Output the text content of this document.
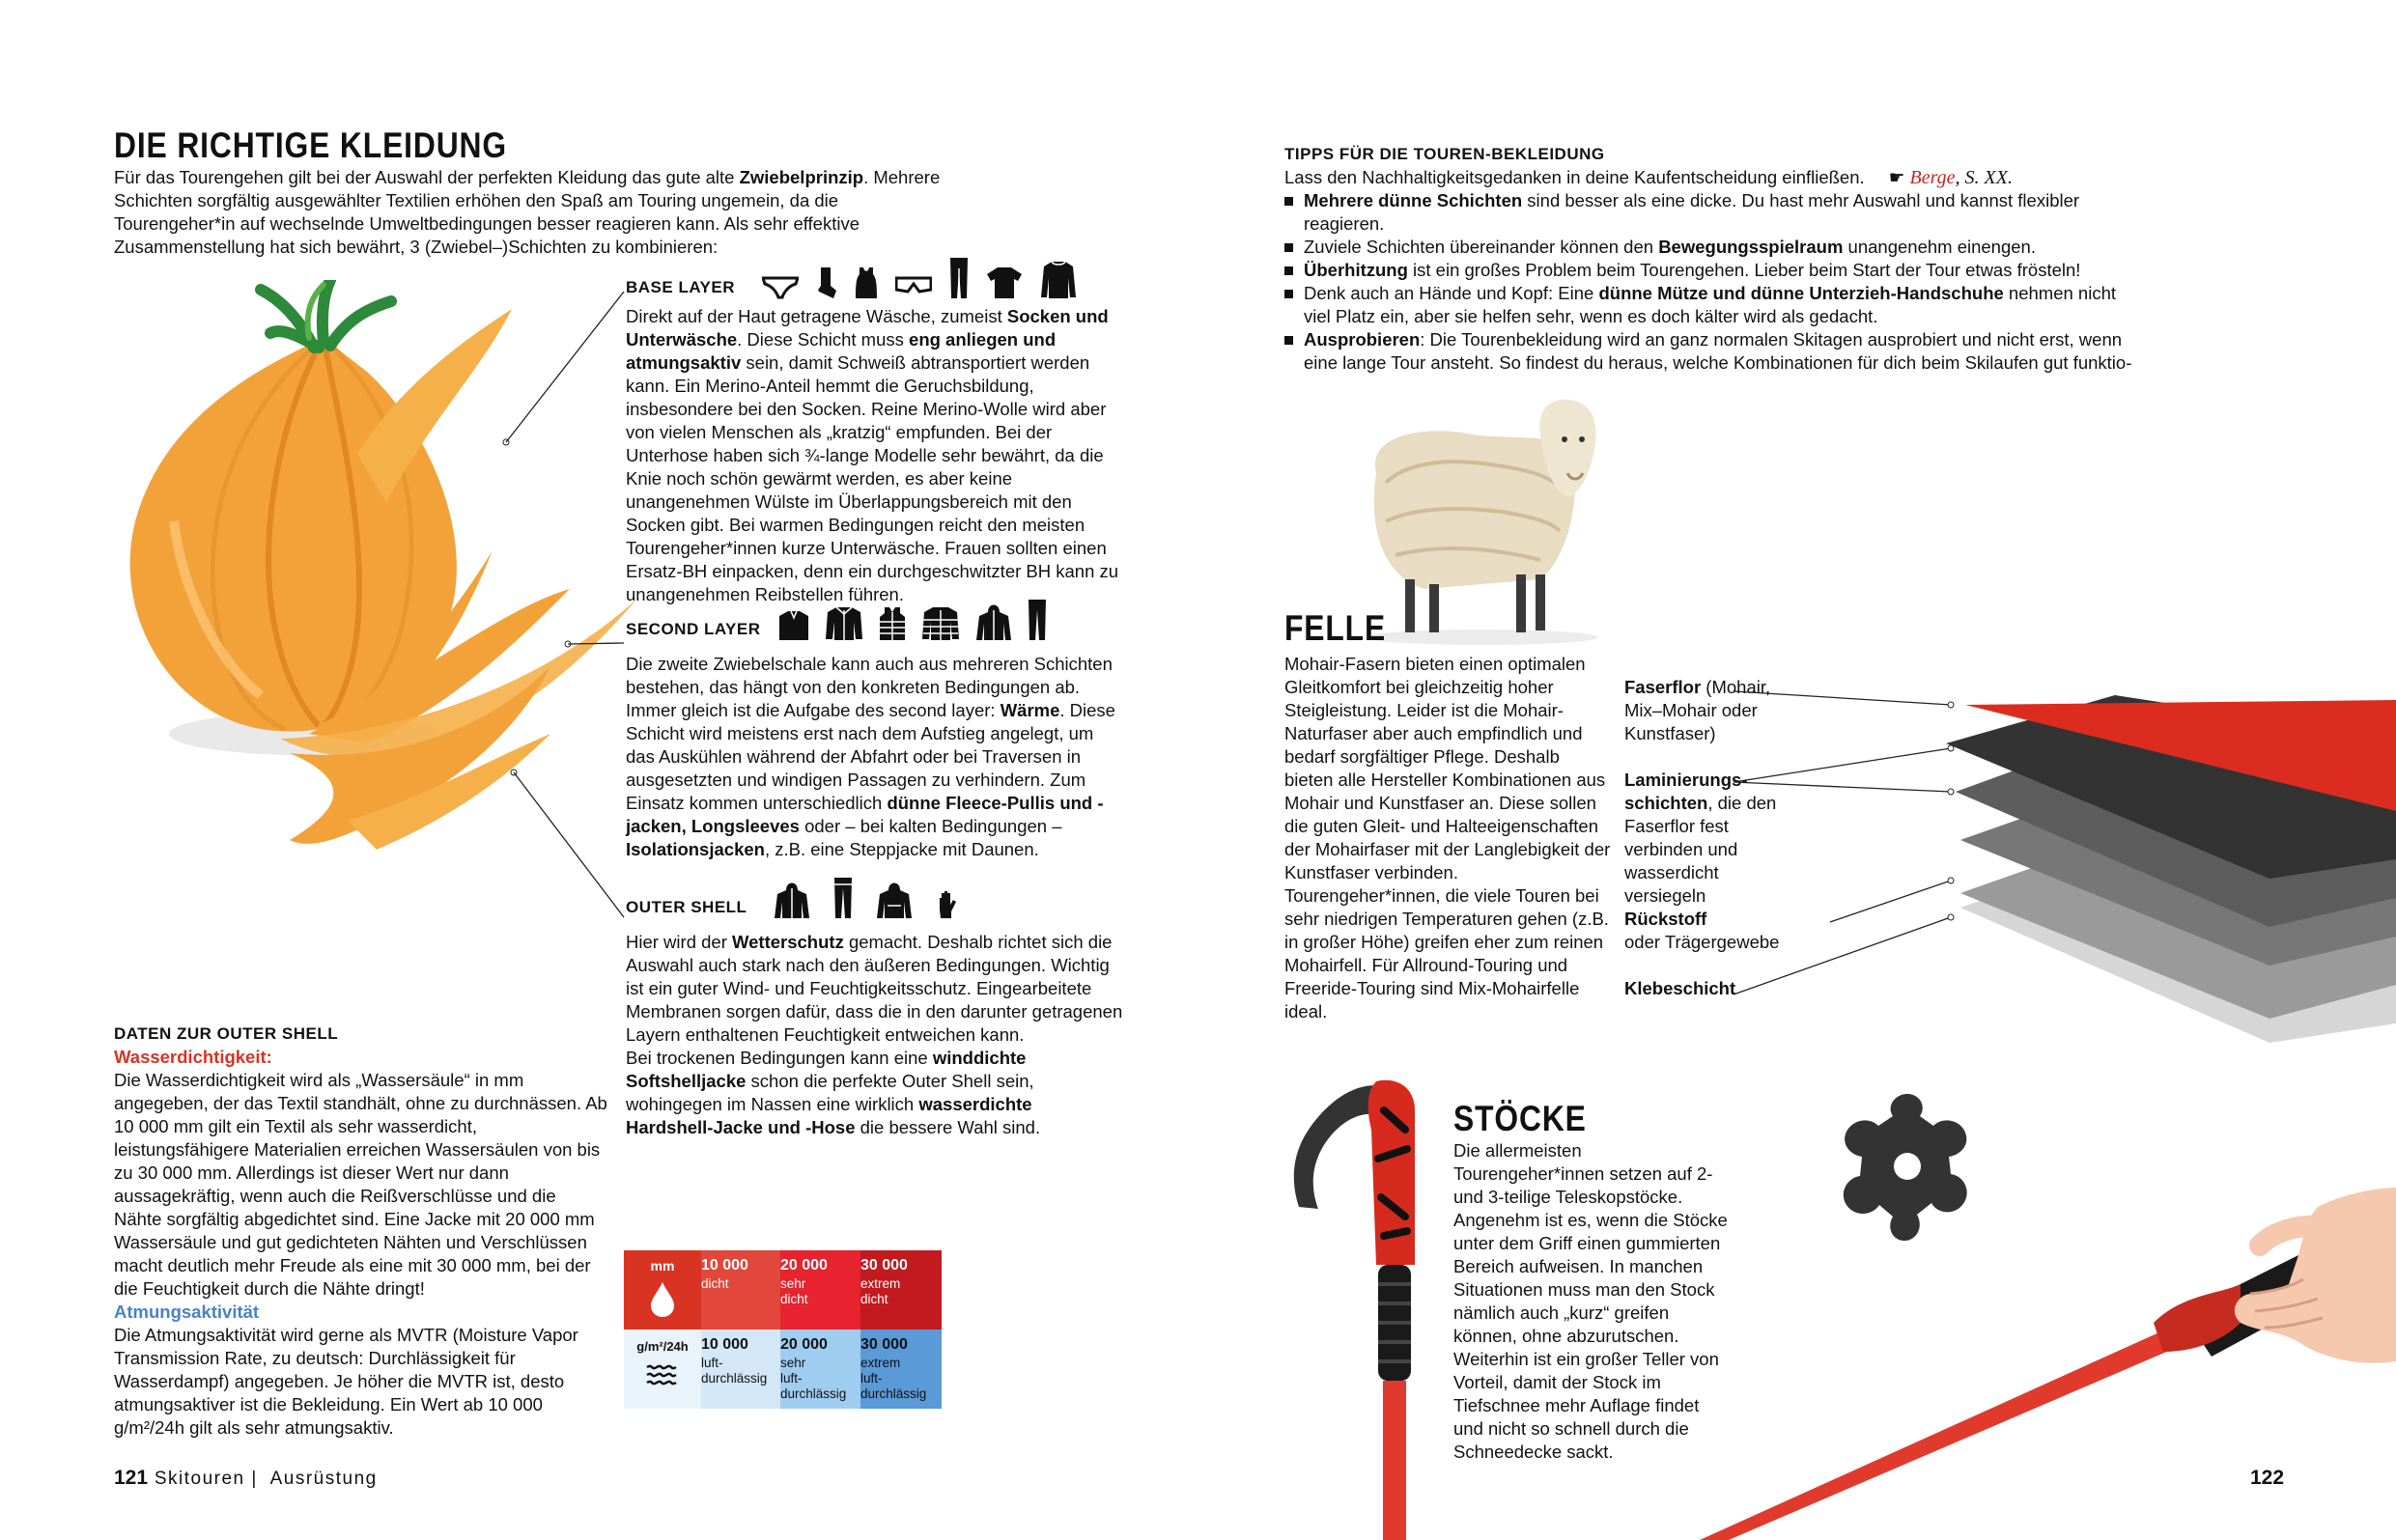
DIE RICHTIGE KLEIDUNG
Für das Tourengehen gilt bei der Auswahl der perfekten Kleidung das gute alte Zwiebelprinzip. Mehrere Schichten sorgfältig ausgewählter Textilien erhöhen den Spaß am Touring ungemein, da die Tourengeher*in auf wechselnde Umweltbedingungen besser reagieren kann. Als sehr effektive Zusammenstellung hat sich bewährt, 3 (Zwiebel–)Schichten zu kombinieren:
BASE LAYER
Direkt auf der Haut getragene Wäsche, zumeist Socken und Unterwäsche. Diese Schicht muss eng anliegen und atmungsaktiv sein, damit Schweiß abtransportiert werden kann. Ein Merino-Anteil hemmt die Geruchsbildung, insbesondere bei den Socken. Reine Merino-Wolle wird aber von vielen Menschen als „kratzig“ empfunden. Bei der Unterhose haben sich ¾-lange Modelle sehr bewährt, da die Knie noch schön gewärmt werden, es aber keine unangenehmen Wülste im Überlappungsbereich mit den Socken gibt. Bei warmen Bedingungen reicht den meisten Tourengeher*innen kurze Unterwäsche. Frauen sollten einen Ersatz-BH einpacken, denn ein durchgeschwitzter BH kann zu unangenehmen Reibstellen führen.
SECOND LAYER
Die zweite Zwiebelschale kann auch aus mehreren Schichten bestehen, das hängt von den konkreten Bedingungen ab. Immer gleich ist die Aufgabe des second layer: Wärme. Diese Schicht wird meistens erst nach dem Aufstieg angelegt, um das Auskühlen während der Abfahrt oder bei Traversen in ausgesetzten und windigen Passagen zu verhindern. Zum Einsatz kommen unterschiedlich dünne Fleece-Pullis und -jacken, Longsleeves oder – bei kalten Bedingungen – Isolationsjacken, z.B. eine Steppjacke mit Daunen.
OUTER SHELL

Hier wird der Wetterschutz gemacht. Deshalb richtet sich die Auswahl auch stark nach den äußeren Bedingungen. Wichtig ist ein guter Wind- und Feuchtigkeitsschutz. Eingearbeitete Membranen sorgen dafür, dass die in den darunter getragenen Layern enthaltenen Feuchtigkeit entweichen kann.

Bei trockenen Bedingungen kann eine winddichte Softshelljacke schon die perfekte Outer Shell sein, wohingegen im Nassen eine wirklich wasserdichte Hardshell-Jacke und -Hose die bessere Wahl sind.

DATEN ZUR OUTER SHELL
Wasserdichtigkeit:

Die Wasserdichtigkeit wird als „Wassersäule“ in mm angegeben, der das Textil standhält, ohne zu durchnässen. Ab 10 000 mm gilt ein Textil als sehr wasserdicht, leistungsfähigere Materialien erreichen Wassersäulen von bis zu 30 000 mm. Allerdings ist dieser Wert nur dann aussagekräftig, wenn auch die Reißverschlüsse und die Nähte sorgfältig abgedichtet sind. Eine Jacke mit 20 000 mm Wassersäule und gut gedichteten Nähten und Verschlüssen macht deutlich mehr Freude als eine mit 30 000 mm, bei der die Feuchtigkeit durch die Nähte dringt!

Atmungsaktivität

Die Atmungsaktivität wird gerne als MVTR (Moisture Vapor Transmission Rate, zu deutsch: Durchlässigkeit für Wasserdampf) angegeben. Je höher die MVTR ist, desto atmungsaktiver ist die Bekleidung. Ein Wert ab 10 000 g/m²/24h gilt als sehr atmungsaktiv.

mm	10 000
dicht
20 000
sehr
dicht
30 000
extrem
dicht
g/m²/24h 10 000
luft-
durchlässig
20 000
sehr
luft-
durchlässig
30 000
extrem
luft-
durchlässig
121 Skitouren | Ausrüstung
TIPPS FÜR DIE TOUREN-BEKLEIDUNG

Lass den Nachhaltigkeitsgedanken in deine Kaufentscheidung einfließen. ☛ Berge, S. XX.

Mehrere dünne Schichten sind besser als eine dicke. Du hast mehr Auswahl und kannst flexibler reagieren.
Zuviele Schichten übereinander können den Bewegungsspielraum unangenehm einengen.
Überhitzung ist ein großes Problem beim Tourengehen. Lieber beim Start der Tour etwas frösteln!
Denk auch an Hände und Kopf: Eine dünne Mütze und dünne Unterzieh-Handschuhe nehmen nicht viel Platz ein, aber sie helfen sehr, wenn es doch kälter wird als gedacht.
Ausprobieren: Die Tourenbekleidung wird an ganz normalen Skitagen ausprobiert und nicht erst, wenn eine lange Tour ansteht. So findest du heraus, welche Kombinationen für dich beim Skilaufen gut funktio-
FELLE

Mohair-Fasern bieten einen optimalen Gleitkomfort bei gleichzeitig hoher Steigleistung. Leider ist die Mohair-Naturfaser aber auch empfindlich und bedarf sorgfältiger Pflege. Deshalb bieten alle Hersteller Kombinationen aus Mohair und Kunstfaser an. Diese sollen die guten Gleit- und Halteeigenschaften der Mohairfaser mit der Langlebigkeit der Kunstfaser verbinden.

Tourengeher*innen, die viele Touren bei sehr niedrigen Temperaturen gehen (z.B. in großer Höhe) greifen eher zum reinen Mohairfell. Für Allround-Touring und Freeride-Touring sind Mix-Mohairfelle ideal.

Faserflor (Mohair, Mix–Mohair oder Kunstfaser)
Laminierungs-schichten, die den Faserflor fest verbinden und wasserdicht versiegeln
Rückstoff
oder Trägergewebe
Klebeschicht
STÖCKE

Die allermeisten Tourengeher*innen setzen auf 2- und 3-teilige Teleskopstöcke. Angenehm ist es, wenn die Stöcke unter dem Griff einen gummierten Bereich aufweisen. In manchen Situationen muss man den Stock nämlich auch „kurz“ greifen können, ohne abzurutschen. Weiterhin ist ein großer Teller von Vorteil, damit der Stock im Tiefschnee mehr Auflage findet und nicht so schnell durch die Schneedecke sackt.

122
